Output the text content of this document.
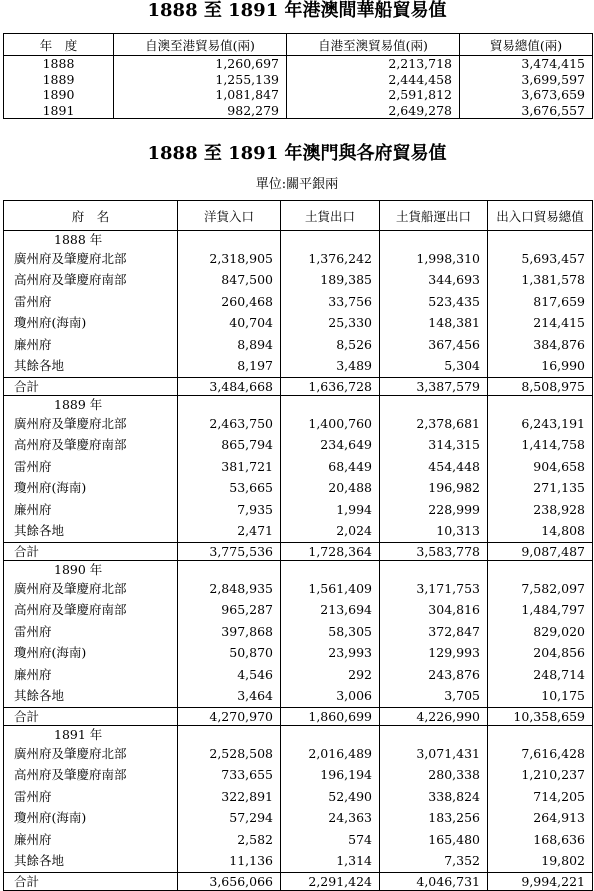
1888 至 1891 年港澳間華船貿易值
年　度	自澳至港貿易值(兩)	自港至澳貿易值(兩)	貿易總值(兩)
1888	1,260,697	2,213,718	3,474,415
1889	1,255,139	2,444,458	3,699,597
1890	1,081,847	2,591,812	3,673,659
1891	982,279	2,649,278	3,676,557
1888 至 1891 年澳門與各府貿易值
單位:關平銀兩
府　名	洋貨入口	土貨出口	土貨船運出口	出入口貿易總值
1888 年				
廣州府及肇慶府北部	2,318,905	1,376,242	1,998,310	5,693,457
高州府及肇慶府南部	847,500	189,385	344,693	1,381,578
雷州府	260,468	33,756	523,435	817,659
瓊州府(海南)	40,704	25,330	148,381	214,415
廉州府	8,894	8,526	367,456	384,876
其餘各地	8,197	3,489	5,304	16,990
合計	3,484,668	1,636,728	3,387,579	8,508,975
1889 年				
廣州府及肇慶府北部	2,463,750	1,400,760	2,378,681	6,243,191
高州府及肇慶府南部	865,794	234,649	314,315	1,414,758
雷州府	381,721	68,449	454,448	904,658
瓊州府(海南)	53,665	20,488	196,982	271,135
廉州府	7,935	1,994	228,999	238,928
其餘各地	2,471	2,024	10,313	14,808
合計	3,775,536	1,728,364	3,583,778	9,087,487
1890 年				
廣州府及肇慶府北部	2,848,935	1,561,409	3,171,753	7,582,097
高州府及肇慶府南部	965,287	213,694	304,816	1,484,797
雷州府	397,868	58,305	372,847	829,020
瓊州府(海南)	50,870	23,993	129,993	204,856
廉州府	4,546	292	243,876	248,714
其餘各地	3,464	3,006	3,705	10,175
合計	4,270,970	1,860,699	4,226,990	10,358,659
1891 年				
廣州府及肇慶府北部	2,528,508	2,016,489	3,071,431	7,616,428
高州府及肇慶府南部	733,655	196,194	280,338	1,210,237
雷州府	322,891	52,490	338,824	714,205
瓊州府(海南)	57,294	24,363	183,256	264,913
廉州府	2,582	574	165,480	168,636
其餘各地	11,136	1,314	7,352	19,802
合計	3,656,066	2,291,424	4,046,731	9,994,221
